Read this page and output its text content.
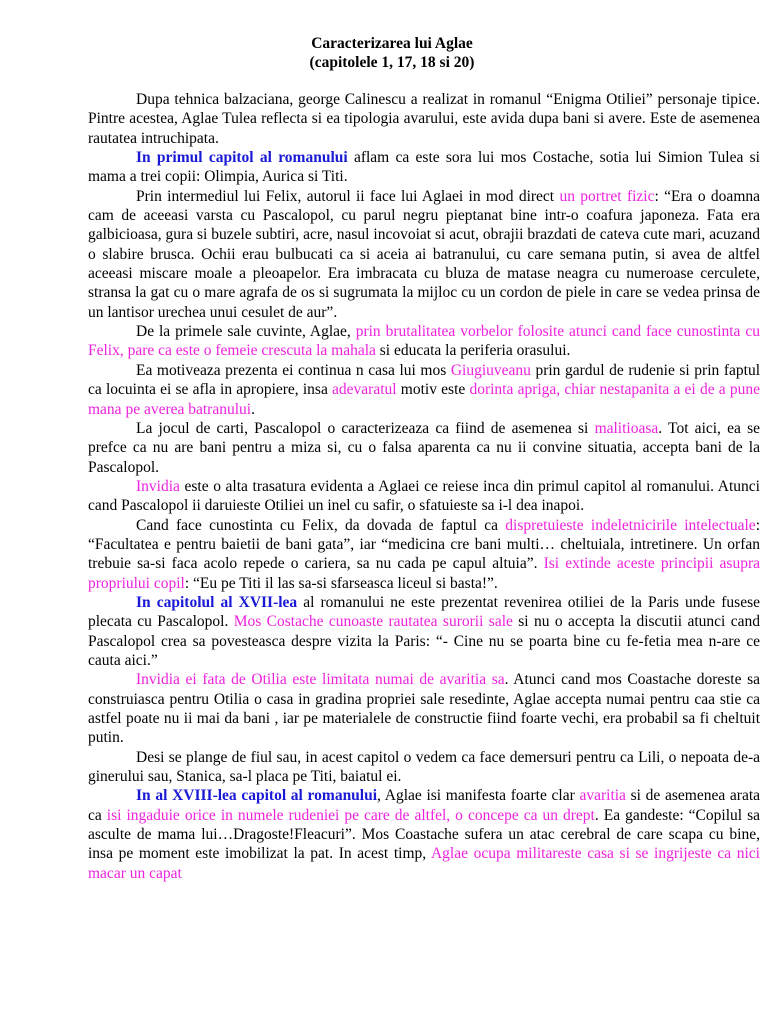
Caracterizarea lui Aglae
(capitolele 1, 17, 18 si 20)

Dupa tehnica balzaciana, george Calinescu a realizat in romanul “Enigma Otiliei” personaje tipice. Pintre acestea, Aglae Tulea reflecta si ea tipologia avarului, este avida dupa bani si avere. Este de asemenea rautatea intruchipata.

In primul capitol al romanului aflam ca este sora lui mos Costache, sotia lui Simion Tulea si mama a trei copii: Olimpia, Aurica si Titi.

Prin intermediul lui Felix, autorul ii face lui Aglaei in mod direct un portret fizic: “Era o doamna cam de aceeasi varsta cu Pascalopol, cu parul negru pieptanat bine intr-o coafura japoneza. Fata era galbicioasa, gura si buzele subtiri, acre, nasul incovoiat si acut, obrajii brazdati de cateva cute mari, acuzand o slabire brusca. Ochii erau bulbucati ca si aceia ai batranului, cu care semana putin, si avea de altfel aceeasi miscare moale a pleoapelor. Era imbracata cu bluza de matase neagra cu numeroase cerculete, stransa la gat cu o mare agrafa de os si sugrumata la mijloc cu un cordon de piele in care se vedea prinsa de un lantisor urechea unui cesulet de aur”.

De la primele sale cuvinte, Aglae, prin brutalitatea vorbelor folosite atunci cand face cunostinta cu Felix, pare ca este o femeie crescuta la mahala si educata la periferia orasului.

Ea motiveaza prezenta ei continua n casa lui mos Giugiuveanu prin gardul de rudenie si prin faptul ca locuinta ei se afla in apropiere, insa adevaratul motiv este dorinta apriga, chiar nestapanita a ei de a pune mana pe averea batranului.

La jocul de carti, Pascalopol o caracterizeaza ca fiind de asemenea si malitioasa. Tot aici, ea se prefce ca nu are bani pentru a miza si, cu o falsa aparenta ca nu ii convine situatia, accepta bani de la Pascalopol.

Invidia este o alta trasatura evidenta a Aglaei ce reiese inca din primul capitol al romanului. Atunci cand Pascalopol ii daruieste Otiliei un inel cu safir, o sfatuieste sa i-l dea inapoi.

Cand face cunostinta cu Felix, da dovada de faptul ca dispretuieste indeletnicirile intelectuale: “Facultatea e pentru baietii de bani gata”, iar “medicina cre bani multi… cheltuiala, intretinere. Un orfan trebuie sa-si faca acolo repede o cariera, sa nu cada pe capul altuia”. Isi extinde aceste principii asupra propriului copil: “Eu pe Titi il las sa-si sfarseasca liceul si basta!”.

In capitolul al XVII-lea al romanului ne este prezentat revenirea otiliei de la Paris unde fusese plecata cu Pascalopol. Mos Costache cunoaste rautatea surorii sale si nu o accepta la discutii atunci cand Pascalopol crea sa povesteasca despre vizita la Paris: “- Cine nu se poarta bine cu fe-fetia mea n-are ce cauta aici.”

Invidia ei fata de Otilia este limitata numai de avaritia sa. Atunci cand mos Coastache doreste sa construiasca pentru Otilia o casa in gradina propriei sale resedinte, Aglae accepta numai pentru caa stie ca astfel poate nu ii mai da bani , iar pe materialele de constructie fiind foarte vechi, era probabil sa fi cheltuit putin.

Desi se plange de fiul sau, in acest capitol o vedem ca face demersuri pentru ca Lili, o nepoata de-a ginerului sau, Stanica, sa-l placa pe Titi, baiatul ei.

In al XVIII-lea capitol al romanului, Aglae isi manifesta foarte clar avaritia si de asemenea arata ca isi ingaduie orice in numele rudeniei pe care de altfel, o concepe ca un drept. Ea gandeste: “Copilul sa asculte de mama lui…Dragoste!Fleacuri”. Mos Coastache sufera un atac cerebral de care scapa cu bine, insa pe moment este imobilizat la pat. In acest timp, Aglae ocupa militareste casa si se ingrijeste ca nici macar un capat
